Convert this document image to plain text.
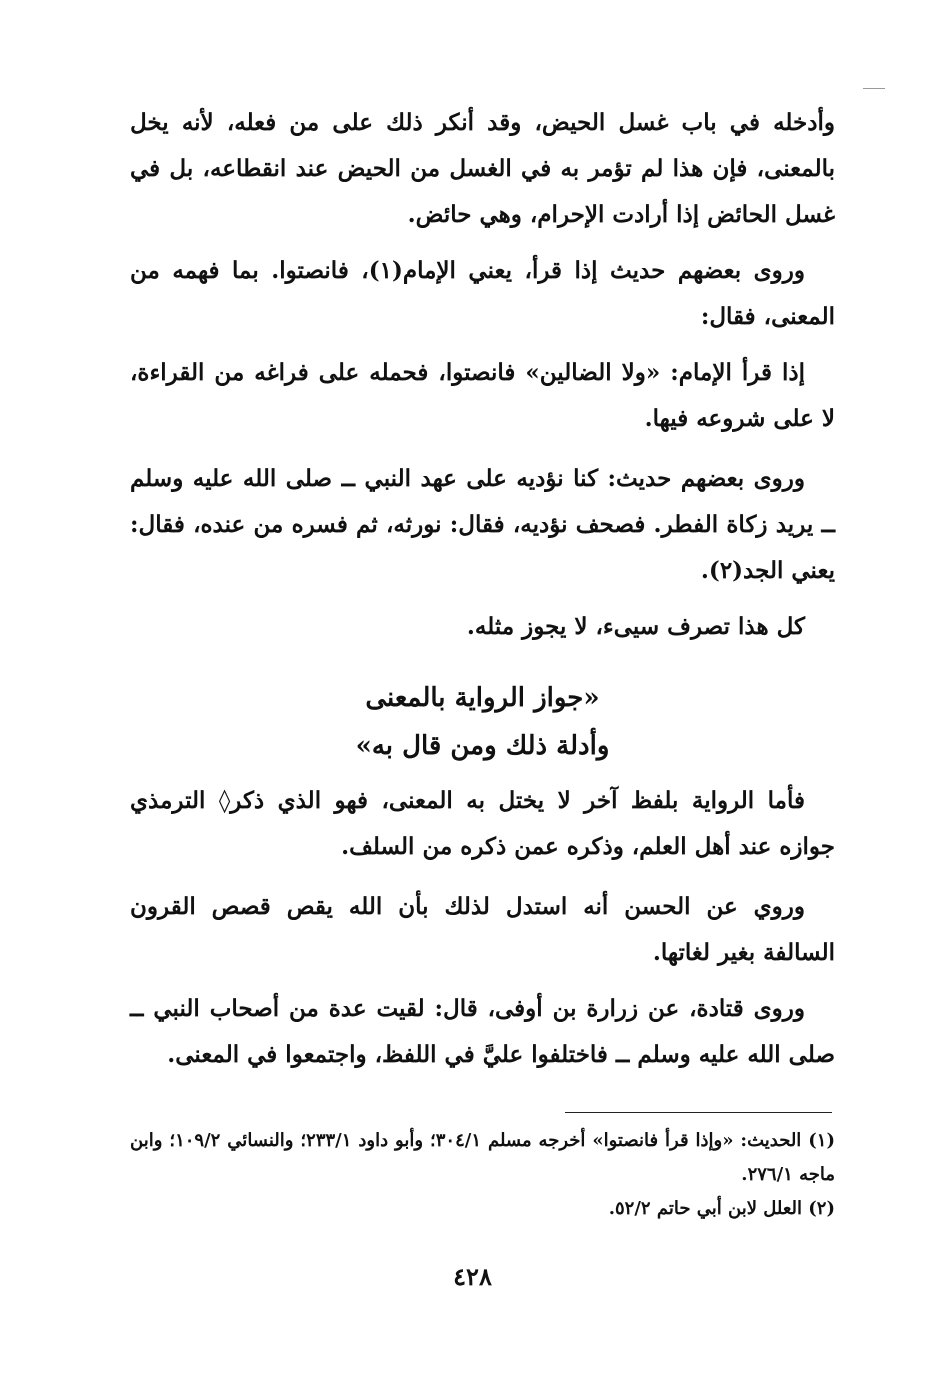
وأدخله في باب غسل الحيض، وقد أنكر ذلك على من فعله، لأنه يخل بالمعنى، فإن هذا لم تؤمر به في الغسل من الحيض عند انقطاعه، بل في غسل الحائض إذا أرادت الإحرام، وهي حائض.

وروى بعضهم حديث إذا قرأ، يعني الإمام(١)، فانصتوا. بما فهمه من المعنى، فقال:

إذا قرأ الإمام: «ولا الضالين» فانصتوا، فحمله على فراغه من القراءة، لا على شروعه فيها.

وروى بعضهم حديث: كنا نؤديه على عهد النبي ــ صلى الله عليه وسلم ــ يريد زكاة الفطر. فصحف نؤديه، فقال: نورثه، ثم فسره من عنده، فقال: يعني الجد(٢).

كل هذا تصرف سيىء، لا يجوز مثله.

«جواز الرواية بالمعنى
وأدلة ذلك ومن قال به»

فأما الرواية بلفظ آخر لا يختل به المعنى، فهو الذي ذكر◊ الترمذي جوازه عند أهل العلم، وذكره عمن ذكره من السلف.

وروي عن الحسن أنه استدل لذلك بأن الله يقص قصص القرون السالفة بغير لغاتها.

وروى قتادة، عن زرارة بن أوفى، قال: لقيت عدة من أصحاب النبي ــ صلى الله عليه وسلم ــ فاختلفوا عليَّ في اللفظ، واجتمعوا في المعنى.

(١) الحديث: «وإذا قرأ فانصتوا» أخرجه مسلم ٣٠٤/١؛ وأبو داود ٢٣٣/١؛ والنسائي ١٠٩/٢؛ وابن ماجه ٢٧٦/١.

(٢) العلل لابن أبي حاتم ٥٢/٢.

٤٢٨
